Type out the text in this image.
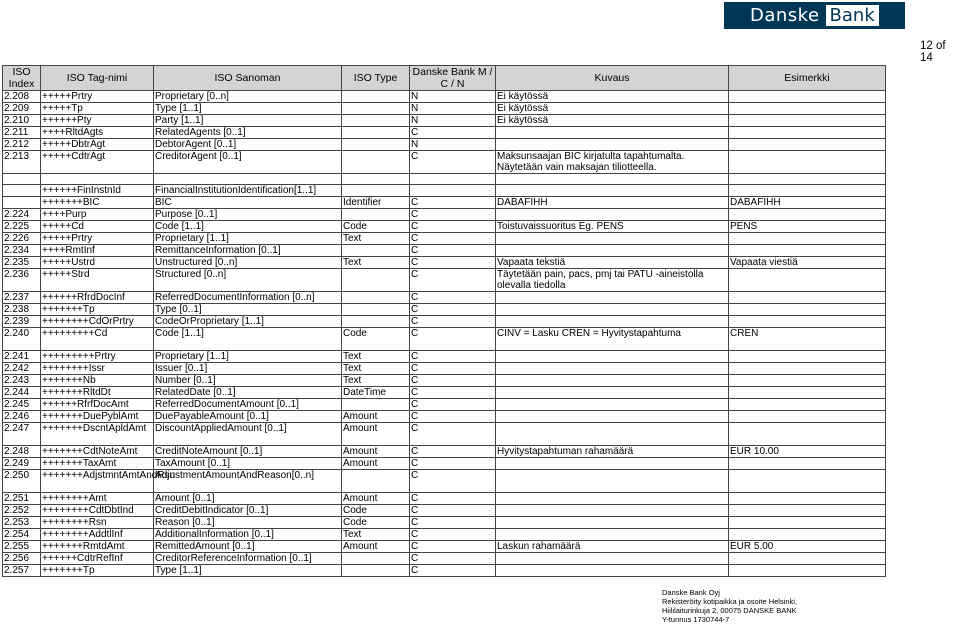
Danske Bank
12 of 14
ISO Index	ISO Tag-nimi	ISO Sanoman	ISO Type	Danske Bank M / C / N	Kuvaus	Esimerkki
2.208	+++++Prtry	Proprietary [0..n]		N	Ei käytössä	
2.209	+++++Tp	Type [1..1]		N	Ei käytössä	
2.210	++++++Pty	Party [1..1]		N	Ei käytössä	
2.211	++++RltdAgts	RelatedAgents [0..1]		C		
2.212	+++++DbtrAgt	DebtorAgent [0..1]		N		
2.213	+++++CdtrAgt	CreditorAgent [0..1]		C	Maksunsaajan BIC kirjatulta tapahtumalta. Näytetään vain maksajan tiliotteella.	

	++++++FinInstnId	FinancialInstitutionIdentification[1..1]				
	+++++++BIC	BIC	Identifier	C	DABAFIHH	DABAFIHH
2.224	++++Purp	Purpose [0..1]		C		
2.225	+++++Cd	Code [1..1]	Code	C	Toistuvaissuoritus Eg. PENS	PENS
2.226	+++++Prtry	Proprietary [1..1]	Text	C		
2.234	++++RmtInf	RemittanceInformation [0..1]		C		
2.235	+++++Ustrd	Unstructured [0..n]	Text	C	Vapaata tekstiä	Vapaata viestiä
2.236	+++++Strd	Structured [0..n]		C	Täytetään pain, pacs, pmj tai PATU -aineistolla olevalla tiedolla	
2.237	++++++RfrdDocInf	ReferredDocumentInformation [0..n]		C		
2.238	+++++++Tp	Type [0..1]		C		
2.239	++++++++CdOrPrtry	CodeOrProprietary [1..1]		C		
2.240	+++++++++Cd	Code [1..1]	Code	C	CINV = Lasku CREN = Hyvitystapahtuma	CREN
2.241	+++++++++Prtry	Proprietary [1..1]	Text	C		
2.242	++++++++Issr	Issuer [0..1]	Text	C		
2.243	+++++++Nb	Number [0..1]	Text	C		
2.244	+++++++RltdDt	RelatedDate [0..1]	DateTime	C		
2.245	++++++RfrfDocAmt	ReferredDocumentAmount [0..1]		C		
2.246	+++++++DuePyblAmt	DuePayableAmount [0..1]	Amount	C		
2.247	+++++++DscntApldAmt	DiscountAppliedAmount [0..1]	Amount	C		
2.248	+++++++CdtNoteAmt	CreditNoteAmount [0..1]	Amount	C	Hyvitystapahtuman rahamäärä	EUR 10.00
2.249	+++++++TaxAmt	TaxAmount [0..1]	Amount	C		
2.250	+++++++AdjstmntAmtAndRsn	AdjustmentAmountAndReason[0..n]		C		
2.251	++++++++Amt	Amount [0..1]	Amount	C		
2.252	++++++++CdtDbtInd	CreditDebitIndicator [0..1]	Code	C		
2.253	++++++++Rsn	Reason [0..1]	Code	C		
2.254	++++++++AddtlInf	AdditionalInformation [0..1]	Text	C		
2.255	+++++++RmtdAmt	RemittedAmount [0..1]	Amount	C	Laskun rahamäärä	EUR 5.00
2.256	++++++CdtrRefInf	CreditorReferenceInformation [0..1]		C		
2.257	+++++++Tp	Type [1..1]		C		
Danske Bank Oyj
Rekisteröity kotipaikka ja osoite Helsinki,
Hiililaiturinkuja 2, 00075 DANSKE BANK
Y-tunnus 1730744-7
